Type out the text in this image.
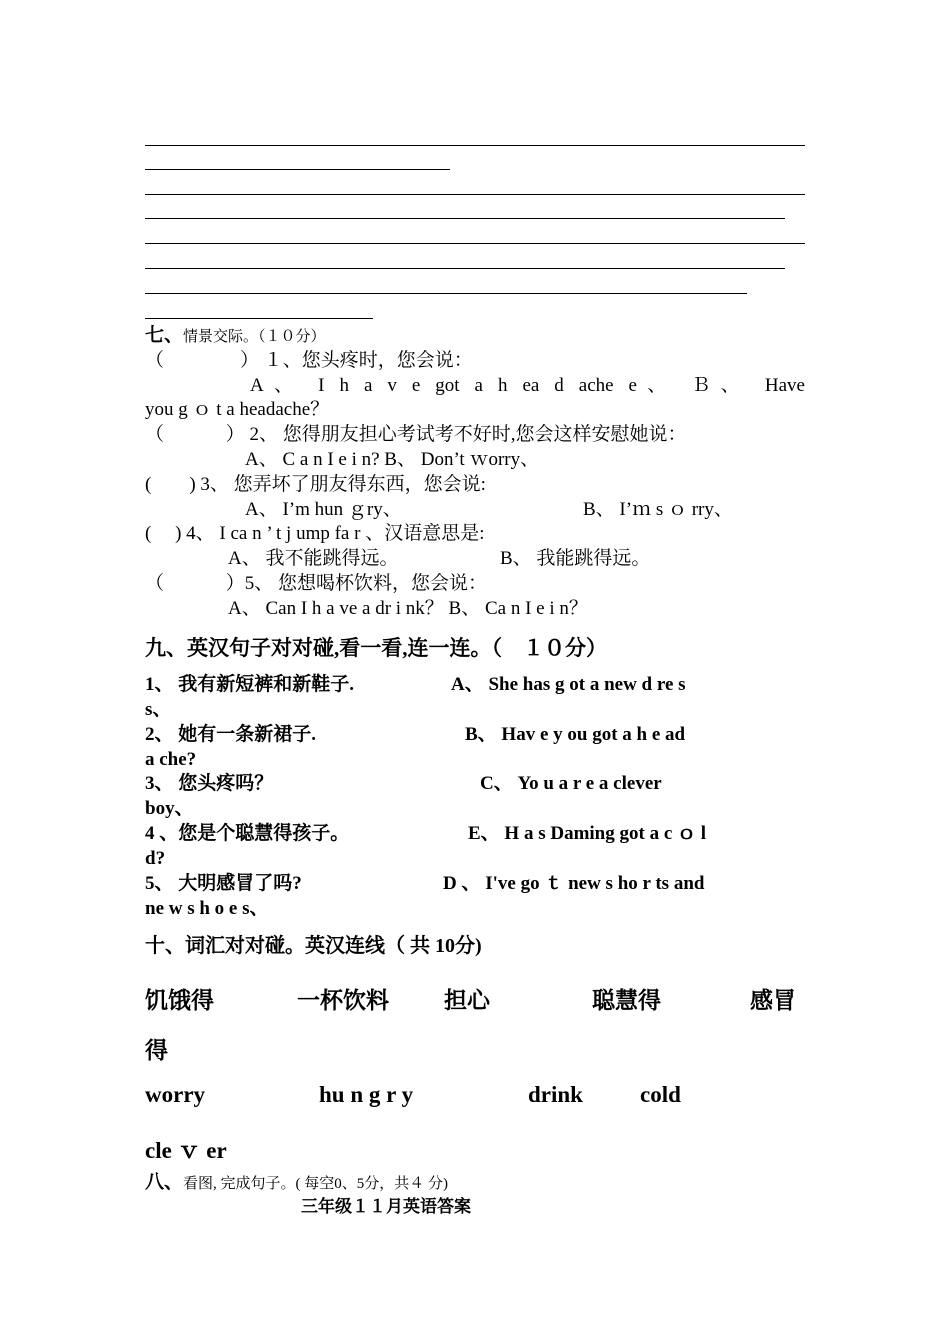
七、情景交际。（１０分）
（　　　　） １、您头疼时，您会说：
A、 I h a v e got a h ea d ache e、 Ｂ、 Have
you g ｏ t a headache？
（　　　 ） 2、 您得朋友担心考试考不好时,您会这样安慰她说：
A、 C a n I e i n? B、 Don’t ｗorry、
(　　) 3、 您弄坏了朋友得东西，您会说:
A、 I’m hun ｇry、	B、 I’ｍ s ｏ rry、
(　 ) 4、 I ca n ’ t j ump fa r 、汉语意思是:
A、 我不能跳得远。	B、 我能跳得远。
（　　　 ）5、 您想喝杯饮料，您会说：
A、 Can I h a ve a dr i nk？ B、 Ca n I e i n？
九、英汉句子对对碰,看一看,连一连。（　１０分）
1、 我有新短裤和新鞋子.	A、 She has g ot a new d re s
s、
2、 她有一条新裙子.	B、 Hav e y ou got a h e ad
a che?
3、 您头疼吗？	C、 Yo u a r e a clever
boy、
4 、您是个聪慧得孩子。	E、 H a s Daming got a c ｏ l
d?
5、 大明感冒了吗?	D 、 I've go ｔ new s ho r ts and
ne w s h o e s、
十、词汇对对碰。英汉连线（ 共 10分)
饥饿得	一杯饮料 担心	聪慧得	感冒
得
worry	hu n g r y	drink cold
cle ｖ er
八、看图, 完成句子。( 每空0、5分，共４ 分)
三年级１１月英语答案
